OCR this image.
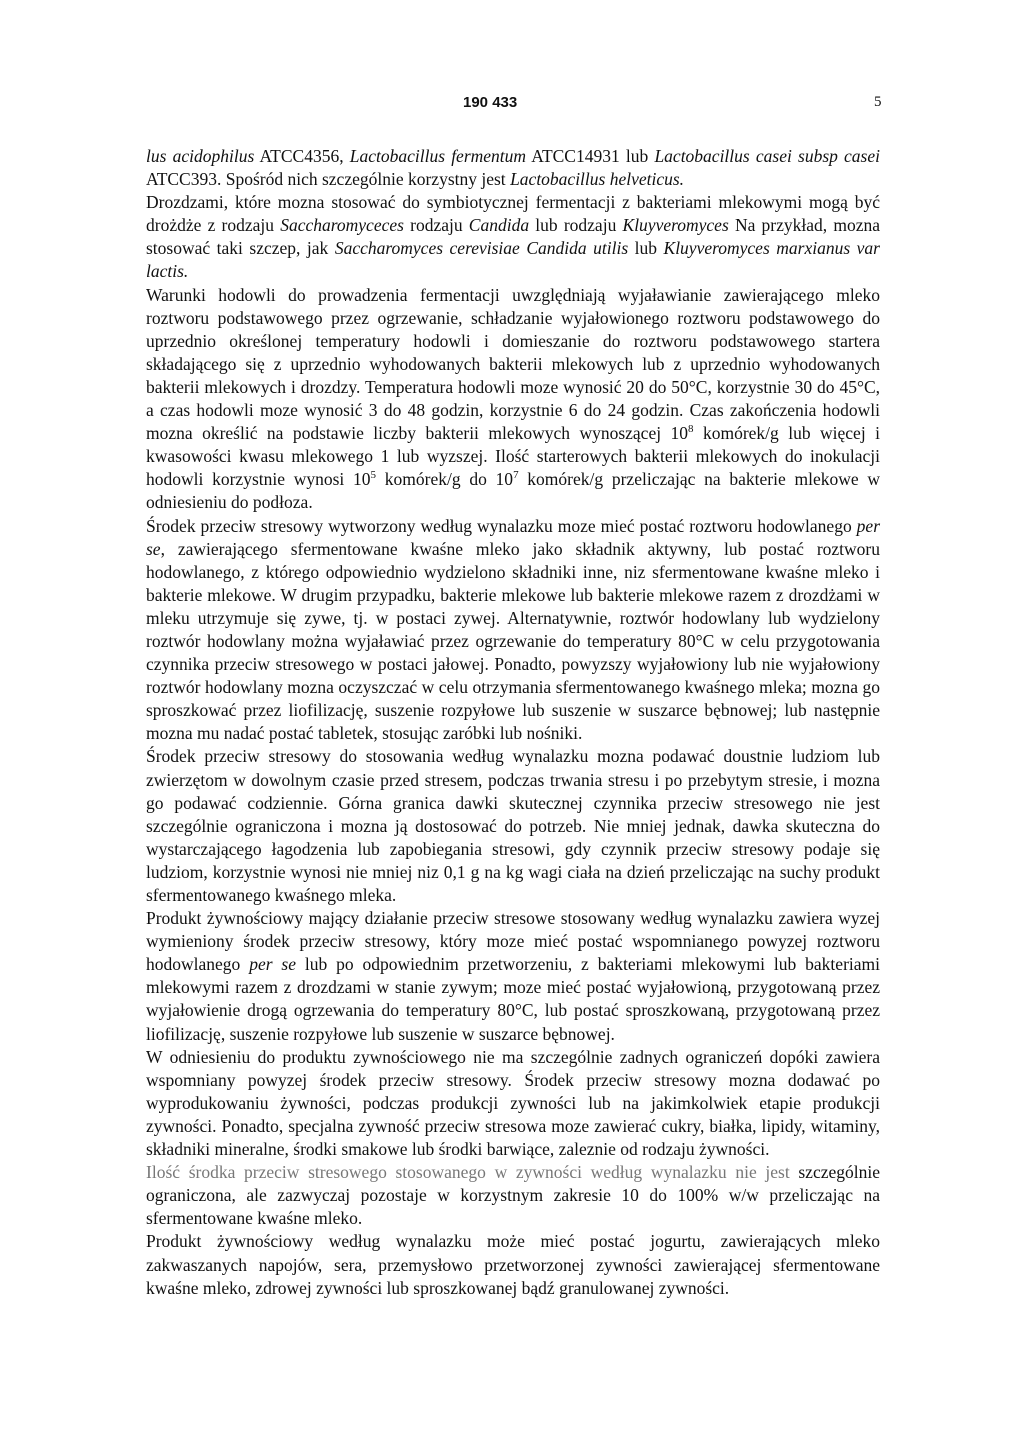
190 433	5

lus acidophilus ATCC4356, Lactobacillus fermentum ATCC14931 lub Lactobacillus casei subsp casei ATCC393. Spośród nich szczególnie korzystny jest Lactobacillus helveticus.

Drozdzami, które mozna stosować do symbiotycznej fermentacji z bakteriami mlekowymi mogą być drożdże z rodzaju Saccharomyceces rodzaju Candida lub rodzaju Kluyveromyces Na przykład, mozna stosować taki szczep, jak Saccharomyces cerevisiae Candida utilis lub Kluyveromyces marxianus var lactis.

Warunki hodowli do prowadzenia fermentacji uwzględniają wyjaławianie zawierającego mleko roztworu podstawowego przez ogrzewanie, schładzanie wyjałowionego roztworu podstawowego do uprzednio określonej temperatury hodowli i domieszanie do roztworu podstawowego startera składającego się z uprzednio wyhodowanych bakterii mlekowych lub z uprzednio wyhodowanych bakterii mlekowych i drozdzy. Temperatura hodowli moze wynosić 20 do 50°C, korzystnie 30 do 45°C, a czas hodowli moze wynosić 3 do 48 godzin, korzystnie 6 do 24 godzin. Czas zakończenia hodowli mozna określić na podstawie liczby bakterii mlekowych wynoszącej $10^8$ komórek/g lub więcej i kwasowości kwasu mlekowego 1 lub wyzszej. Ilość starterowych bakterii mlekowych do inokulacji hodowli korzystnie wynosi $10^5$ komórek/g do $10^7$ komórek/g przeliczając na bakterie mlekowe w odniesieniu do podłoza.

Środek przeciw stresowy wytworzony według wynalazku moze mieć postać roztworu hodowlanego per se, zawierającego sfermentowane kwaśne mleko jako składnik aktywny, lub postać roztworu hodowlanego, z którego odpowiednio wydzielono składniki inne, niz sfermentowane kwaśne mleko i bakterie mlekowe. W drugim przypadku, bakterie mlekowe lub bakterie mlekowe razem z drozdżami w mleku utrzymuje się zywe, tj. w postaci zywej. Alternatywnie, roztwór hodowlany lub wydzielony roztwór hodowlany można wyjaławiać przez ogrzewanie do temperatury 80°C w celu przygotowania czynnika przeciw stresowego w postaci jałowej. Ponadto, powyzszy wyjałowiony lub nie wyjałowiony roztwór hodowlany mozna oczyszczać w celu otrzymania sfermentowanego kwaśnego mleka; mozna go sproszkować przez liofilizację, suszenie rozpyłowe lub suszenie w suszarce bębnowej; lub następnie mozna mu nadać postać tabletek, stosując zaróbki lub nośniki.

Środek przeciw stresowy do stosowania według wynalazku mozna podawać doustnie ludziom lub zwierzętom w dowolnym czasie przed stresem, podczas trwania stresu i po przebytym stresie, i mozna go podawać codziennie. Górna granica dawki skutecznej czynnika przeciw stresowego nie jest szczególnie ograniczona i mozna ją dostosować do potrzeb. Nie mniej jednak, dawka skuteczna do wystarczającego łagodzenia lub zapobiegania stresowi, gdy czynnik przeciw stresowy podaje się ludziom, korzystnie wynosi nie mniej niz 0,1 g na kg wagi ciała na dzień przeliczając na suchy produkt sfermentowanego kwaśnego mleka.

Produkt żywnościowy mający działanie przeciw stresowe stosowany według wynalazku zawiera wyzej wymieniony środek przeciw stresowy, który moze mieć postać wspomnianego powyzej roztworu hodowlanego per se lub po odpowiednim przetworzeniu, z bakteriami mlekowymi lub bakteriami mlekowymi razem z drozdzami w stanie zywym; moze mieć postać wyjałowioną, przygotowaną przez wyjałowienie drogą ogrzewania do temperatury 80°C, lub postać sproszkowaną, przygotowaną przez liofilizację, suszenie rozpyłowe lub suszenie w suszarce bębnowej.

W odniesieniu do produktu zywnościowego nie ma szczególnie zadnych ograniczeń dopóki zawiera wspomniany powyzej środek przeciw stresowy. Środek przeciw stresowy mozna dodawać po wyprodukowaniu żywności, podczas produkcji zywności lub na jakimkolwiek etapie produkcji zywności. Ponadto, specjalna zywność przeciw stresowa moze zawierać cukry, białka, lipidy, witaminy, składniki mineralne, środki smakowe lub środki barwiące, zaleznie od rodzaju żywności.

Ilość środka przeciw stresowego stosowanego w zywności według wynalazku nie jest szczególnie ograniczona, ale zazwyczaj pozostaje w korzystnym zakresie 10 do 100% w/w przeliczając na sfermentowane kwaśne mleko.

Produkt żywnościowy według wynalazku może mieć postać jogurtu, zawierających mleko zakwaszanych napojów, sera, przemysłowo przetworzonej zywności zawierającej sfermentowane kwaśne mleko, zdrowej zywności lub sproszkowanej bądź granulowanej zywności.
